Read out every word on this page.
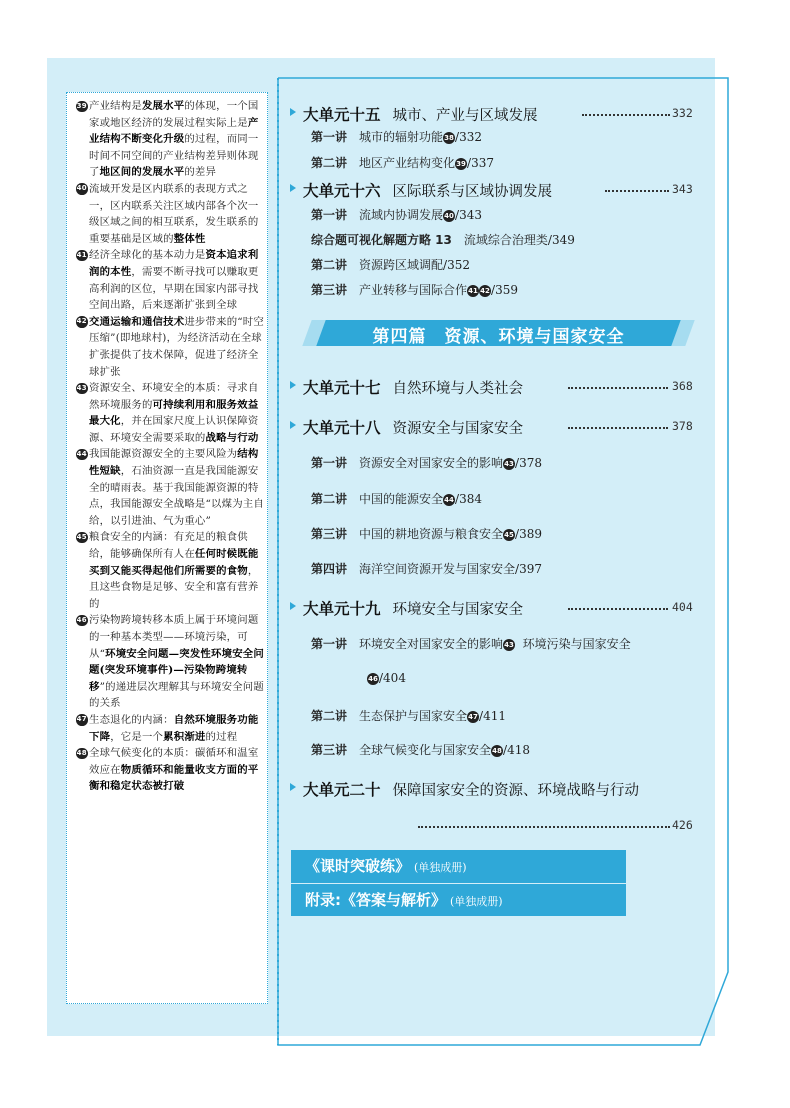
39 产业结构是发展水平的体现，一个国家或地区经济的发展过程实际上是产业结构不断变化升级的过程，而同一时间不同空间的产业结构差异则体现了地区间的发展水平的差异
40 流域开发是区内联系的表现方式之一，区内联系关注区域内部各个次一级区域之间的相互联系，发生联系的重要基础是区域的整体性
41 经济全球化的基本动力是资本追求利润的本性，需要不断寻找可以赚取更高利润的区位，早期在国家内部寻找空间出路，后来逐渐扩张到全球
42 交通运输和通信技术进步带来的“时空压缩”(即地球村)，为经济活动在全球扩张提供了技术保障，促进了经济全球扩张
43 资源安全、环境安全的本质：寻求自然环境服务的可持续利用和服务效益最大化，并在国家尺度上认识保障资源、环境安全需要采取的战略与行动
44 我国能源资源安全的主要风险为结构性短缺，石油资源一直是我国能源安全的晴雨表。基于我国能源资源的特点，我国能源安全战略是“以煤为主自给，以引进油、气为重心”
45 粮食安全的内涵：有充足的粮食供给，能够确保所有人在任何时候既能买到又能买得起他们所需要的食物，且这些食物是足够、安全和富有营养的
46 污染物跨境转移本质上属于环境问题的一种基本类型——环境污染，可从“环境安全问题—突发性环境安全问题(突发环境事件)—污染物跨境转移”的递进层次理解其与环境安全问题的关系
47 生态退化的内涵：自然环境服务功能下降，它是一个累积渐进的过程
48 全球气候变化的本质：碳循环和温室效应在物质循环和能量收支方面的平衡和稳定状态被打破
大单元十五 城市、产业与区域发展	332
第一讲 城市的辐射功能38/332
第二讲 地区产业结构变化39/337
大单元十六 区际联系与区域协调发展	343
第一讲 流域内协调发展40/343
综合题可视化解题方略 13 流域综合治理类/349
第二讲 资源跨区域调配/352
第三讲 产业转移与国际合作41 42/359
第四篇　资源、环境与国家安全
大单元十七 自然环境与人类社会	368
大单元十八 资源安全与国家安全	378
第一讲 资源安全对国家安全的影响43/378
第二讲 中国的能源安全44/384
第三讲 中国的耕地资源与粮食安全45/389
第四讲 海洋空间资源开发与国家安全/397
大单元十九 环境安全与国家安全	404
第一讲 环境安全对国家安全的影响43 环境污染与国家安全
46/404
第二讲 生态保护与国家安全47/411
第三讲 全球气候变化与国家安全48/418
大单元二十 保障国家安全的资源、环境战略与行动
426
《课时突破练》 (单独成册)
附录:《答案与解析》 (单独成册)
